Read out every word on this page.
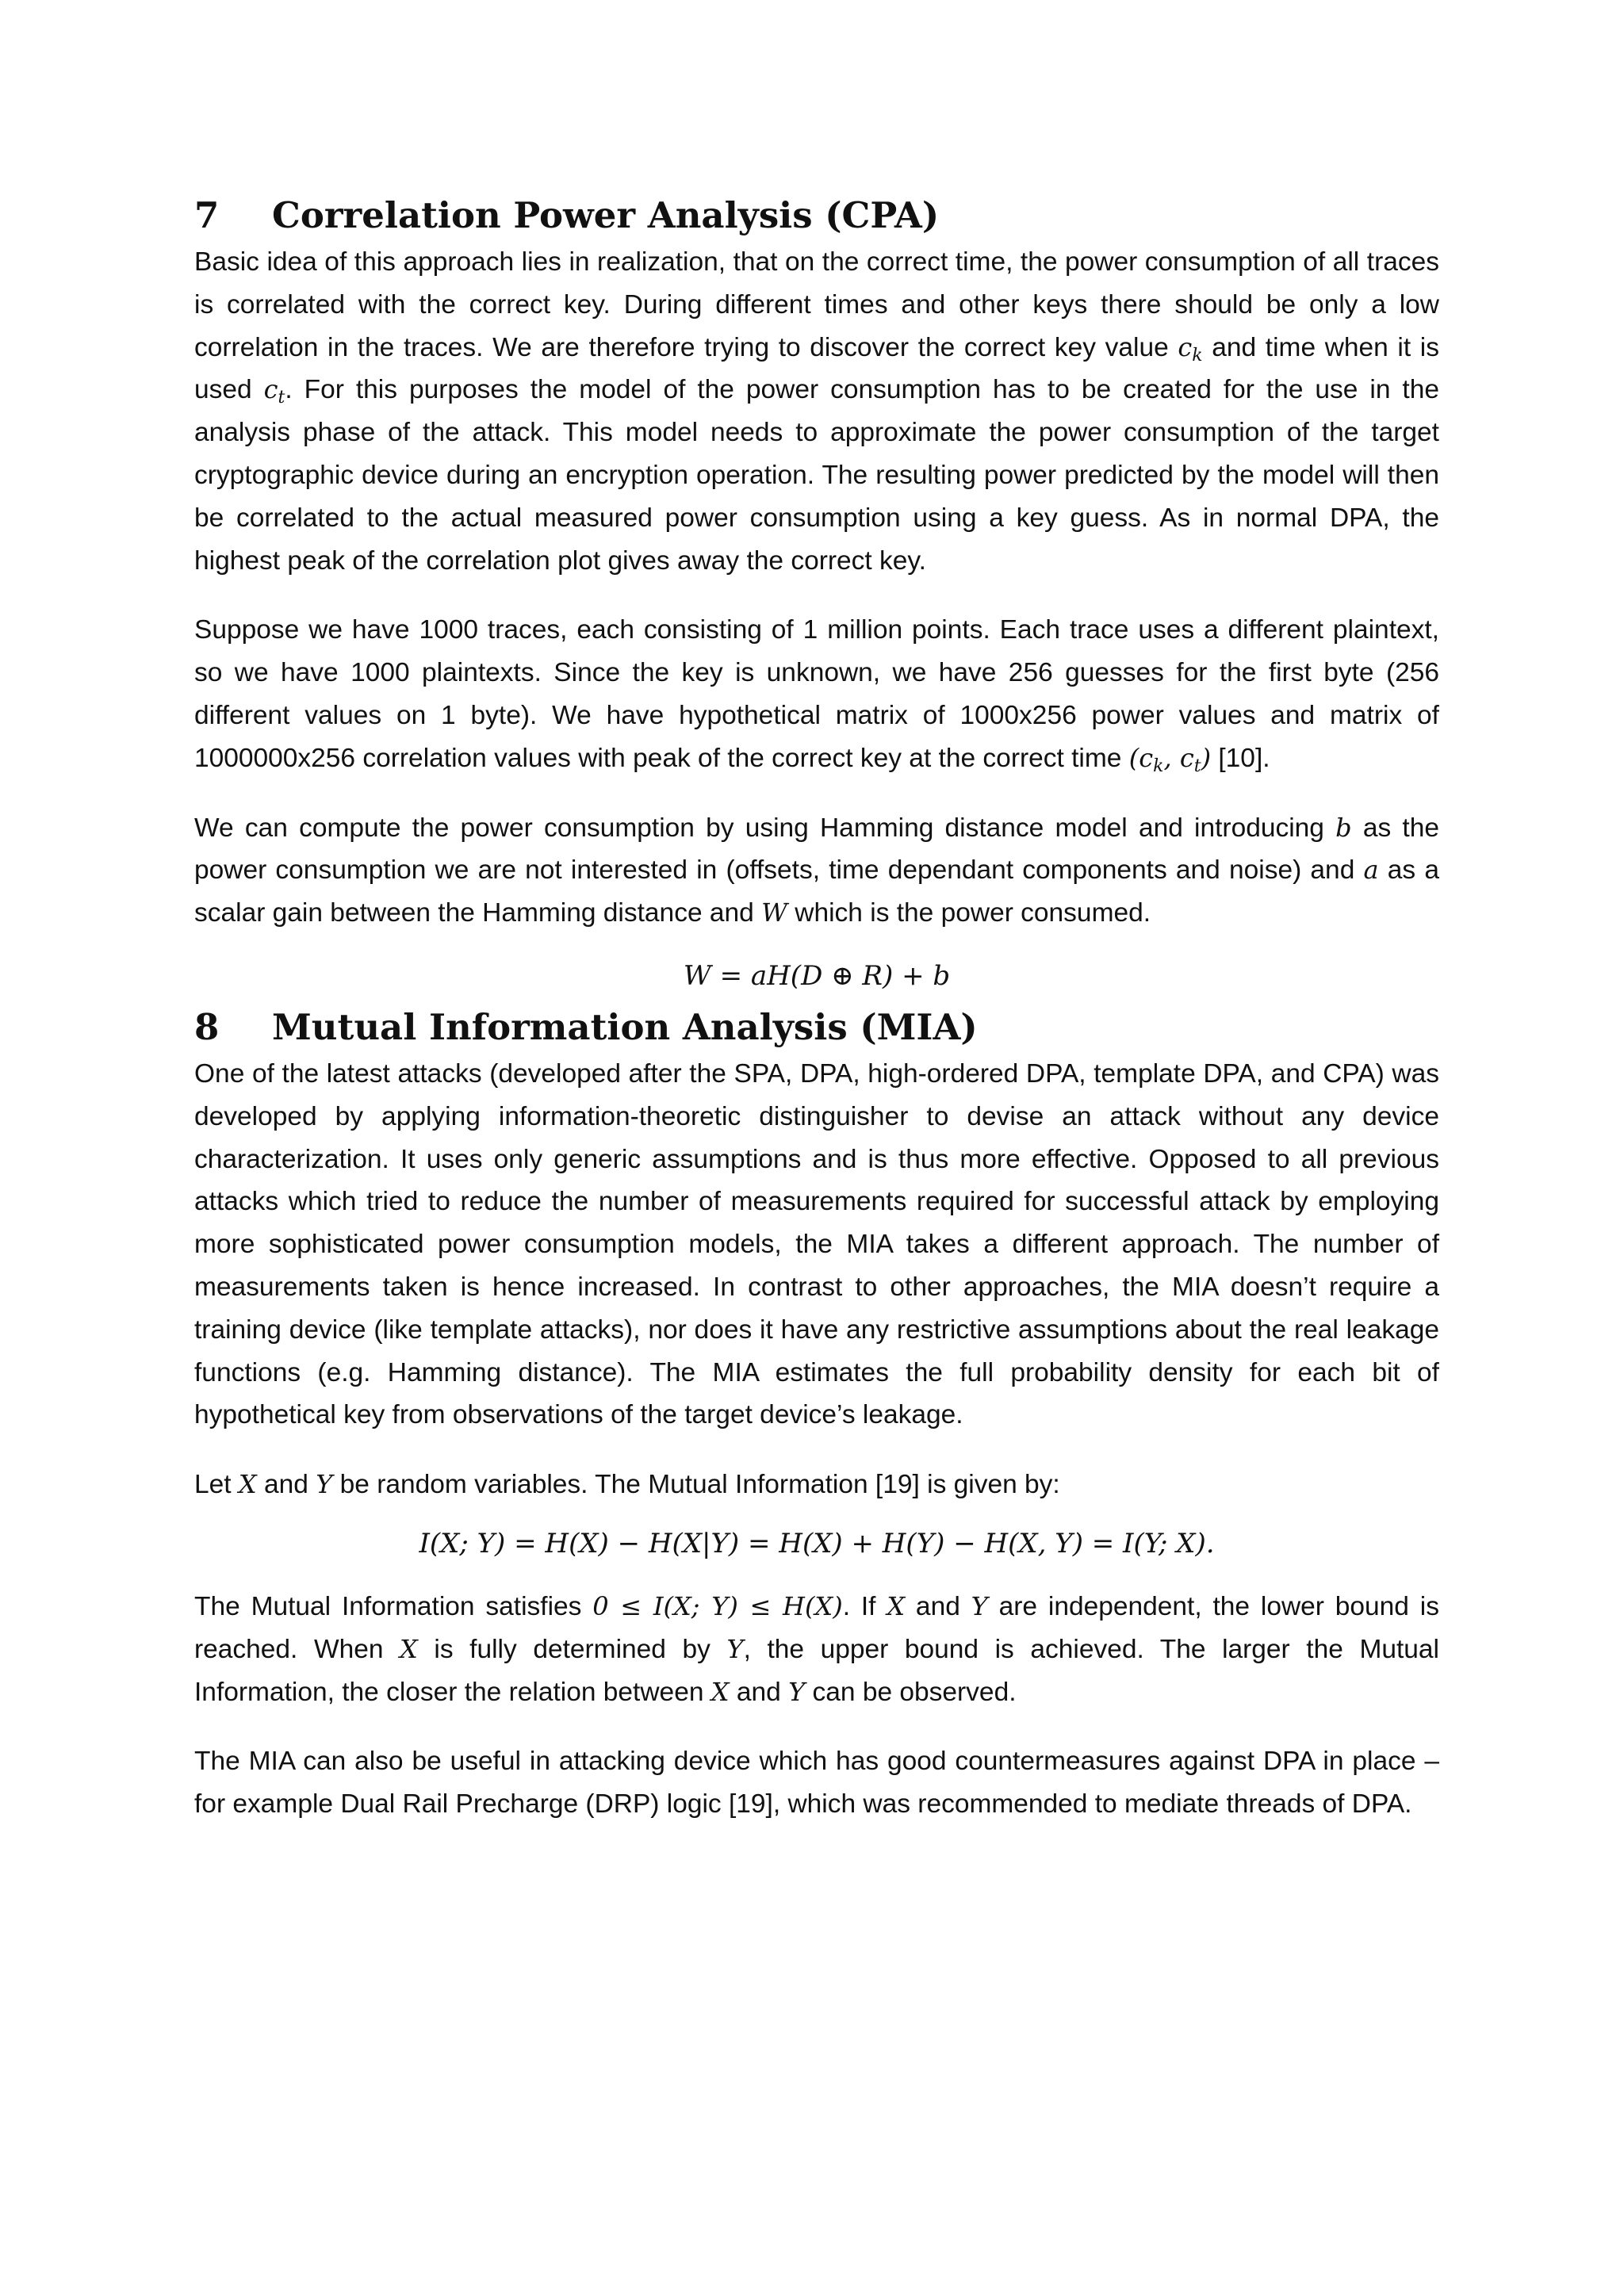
7	Correlation Power Analysis (CPA)

Basic idea of this approach lies in realization, that on the correct time, the power consumption of all traces is correlated with the correct key. During different times and other keys there should be only a low correlation in the traces. We are therefore trying to discover the correct key value $c_k$ and time when it is used $c_t$. For this purposes the model of the power consumption has to be created for the use in the analysis phase of the attack. This model needs to approximate the power consumption of the target cryptographic device during an encryption operation. The resulting power predicted by the model will then be correlated to the actual measured power consumption using a key guess. As in normal DPA, the highest peak of the correlation plot gives away the correct key.

Suppose we have 1000 traces, each consisting of 1 million points. Each trace uses a different plaintext, so we have 1000 plaintexts. Since the key is unknown, we have 256 guesses for the first byte (256 different values on 1 byte). We have hypothetical matrix of 1000x256 power values and matrix of 1000000x256 correlation values with peak of the correct key at the correct time ($c_k$, $c_t$) [10].

We can compute the power consumption by using Hamming distance model and introducing b as the power consumption we are not interested in (offsets, time dependant components and noise) and a as a scalar gain between the Hamming distance and W which is the power consumed.

W = aH(D ⊕ R) + b
8	Mutual Information Analysis (MIA)

One of the latest attacks (developed after the SPA, DPA, high-ordered DPA, template DPA, and CPA) was developed by applying information-theoretic distinguisher to devise an attack without any device characterization. It uses only generic assumptions and is thus more effective. Opposed to all previous attacks which tried to reduce the number of measurements required for successful attack by employing more sophisticated power consumption models, the MIA takes a different approach. The number of measurements taken is hence increased. In contrast to other approaches, the MIA doesn’t require a training device (like template attacks), nor does it have any restrictive assumptions about the real leakage functions (e.g. Hamming distance). The MIA estimates the full probability density for each bit of hypothetical key from observations of the target device’s leakage.

Let X and Y be random variables. The Mutual Information [19] is given by:

I(X; Y) = H(X) − H(X|Y) = H(X) + H(Y) − H(X, Y) = I(Y; X).

The Mutual Information satisfies 0 ≤ I(X; Y) ≤ H(X). If X and Y are independent, the lower bound is reached. When X is fully determined by Y, the upper bound is achieved. The larger the Mutual Information, the closer the relation between X and Y can be observed.

The MIA can also be useful in attacking device which has good countermeasures against DPA in place – for example Dual Rail Precharge (DRP) logic [19], which was recommended to mediate threads of DPA.
